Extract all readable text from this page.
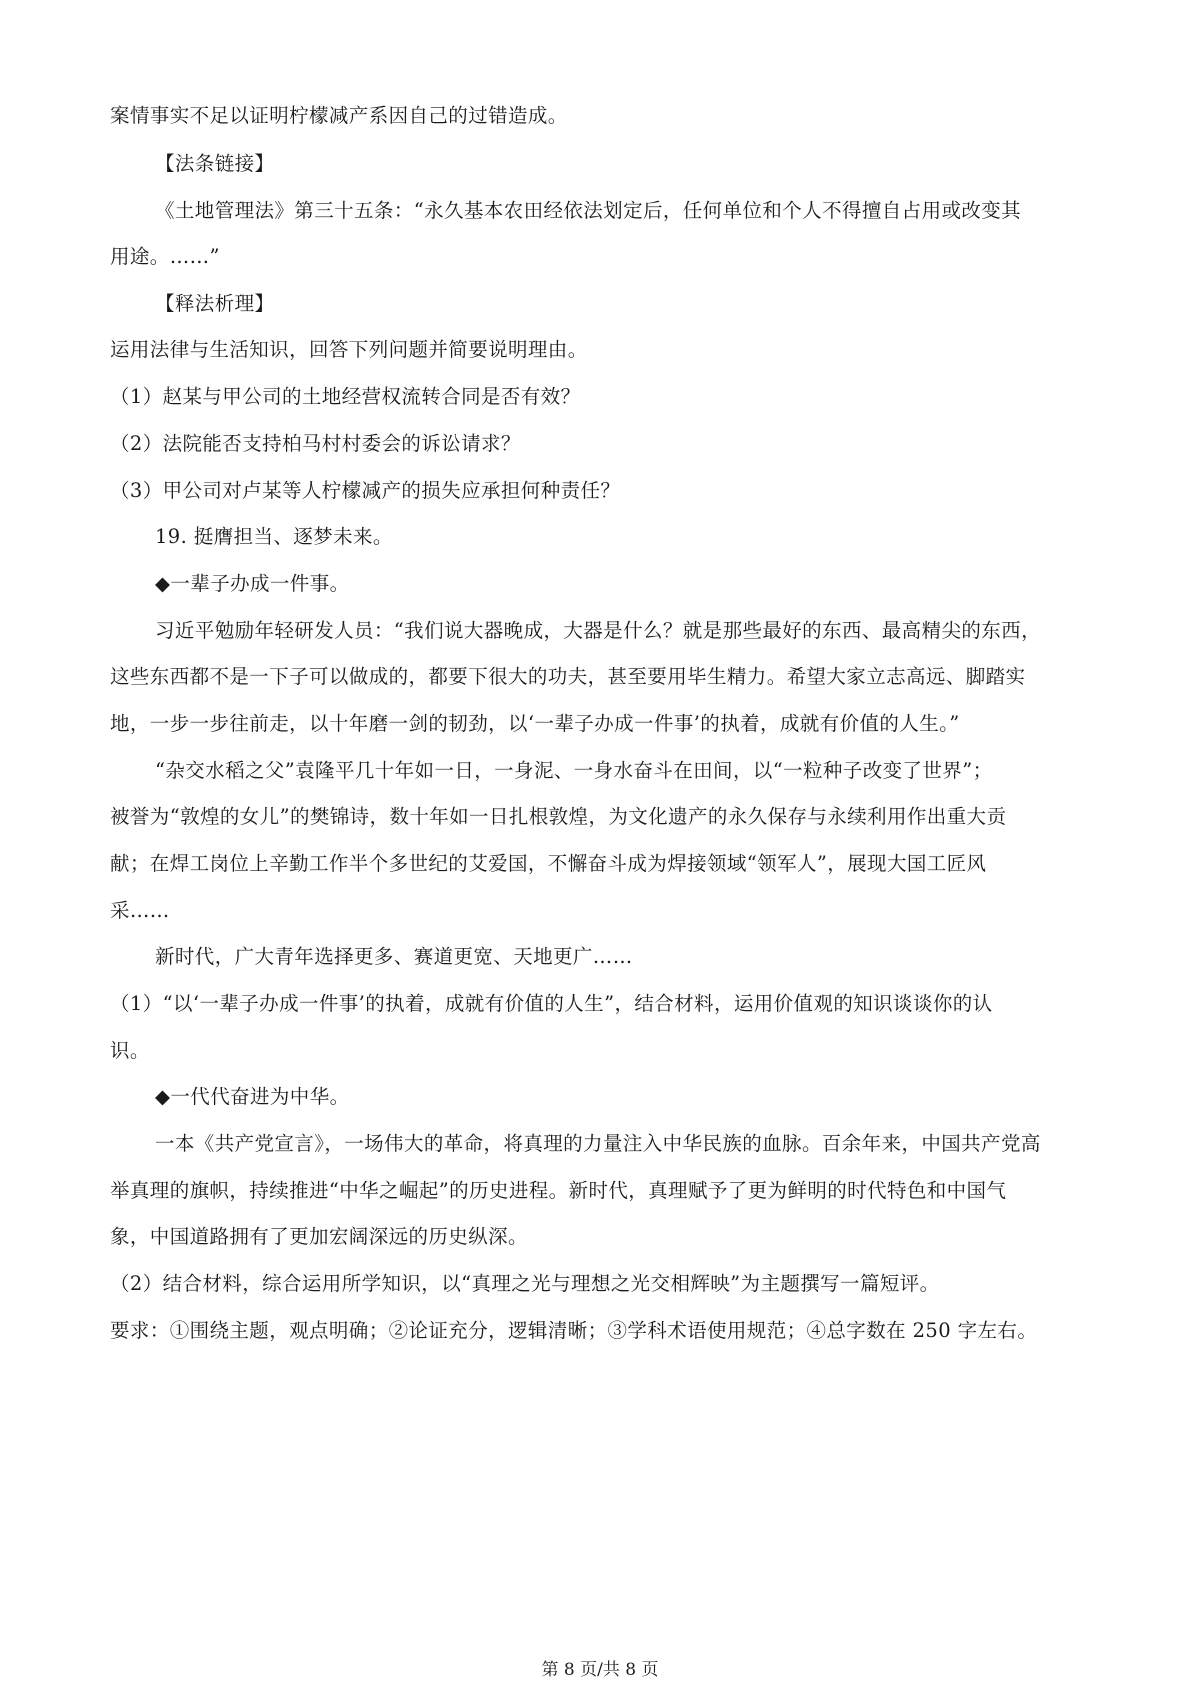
案情事实不足以证明柠檬减产系因自己的过错造成。
【法条链接】
《土地管理法》第三十五条：“永久基本农田经依法划定后，任何单位和个人不得擅自占用或改变其
用途。……”
【释法析理】
运用法律与生活知识，回答下列问题并简要说明理由。
（1）赵某与甲公司的土地经营权流转合同是否有效？
（2）法院能否支持柏马村村委会的诉讼请求？
（3）甲公司对卢某等人柠檬减产的损失应承担何种责任？
19. 挺膺担当、逐梦未来。
◆一辈子办成一件事。
习近平勉励年轻研发人员：“我们说大器晚成，大器是什么？就是那些最好的东西、最高精尖的东西，
这些东西都不是一下子可以做成的，都要下很大的功夫，甚至要用毕生精力。希望大家立志高远、脚踏实
地，一步一步往前走，以十年磨一剑的韧劲，以‘一辈子办成一件事’的执着，成就有价值的人生。”
“杂交水稻之父”袁隆平几十年如一日，一身泥、一身水奋斗在田间，以“一粒种子改变了世界”；
被誉为“敦煌的女儿”的樊锦诗，数十年如一日扎根敦煌，为文化遗产的永久保存与永续利用作出重大贡
献；在焊工岗位上辛勤工作半个多世纪的艾爱国，不懈奋斗成为焊接领域“领军人”，展现大国工匠风
采……
新时代，广大青年选择更多、赛道更宽、天地更广……
（1）“以‘一辈子办成一件事’的执着，成就有价值的人生”，结合材料，运用价值观的知识谈谈你的认
识。
◆一代代奋进为中华。
一本《共产党宣言》，一场伟大的革命，将真理的力量注入中华民族的血脉。百余年来，中国共产党高
举真理的旗帜，持续推进“中华之崛起”的历史进程。新时代，真理赋予了更为鲜明的时代特色和中国气
象，中国道路拥有了更加宏阔深远的历史纵深。
（2）结合材料，综合运用所学知识，以“真理之光与理想之光交相辉映”为主题撰写一篇短评。
要求：①围绕主题，观点明确；②论证充分，逻辑清晰；③学科术语使用规范；④总字数在 250 字左右。
第 8 页/共 8 页
